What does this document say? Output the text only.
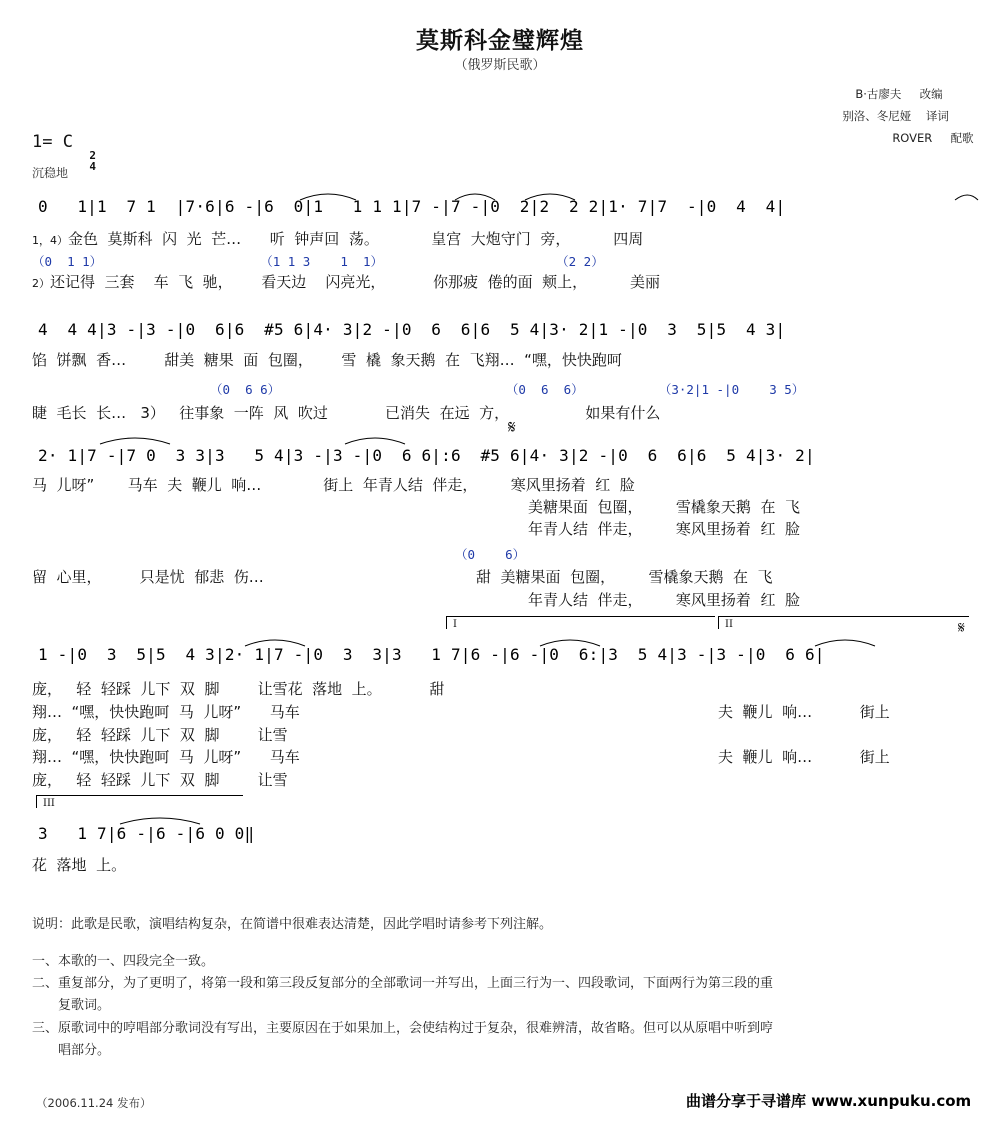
莫斯科金璧辉煌
（俄罗斯民歌）

B·古廖夫 改编

别洛、冬尼娅 译词

ROVER 配歌

1= C

2
4

沉稳地
0   1|1  7 1  |7·6|6 -|6  0|1   1 1 1|7 -|7 -|0  2|2  2 2|1· 7|7  -|0  4  4|
1，4）金色  莫斯科  闪  光  芒…      听  钟声回  荡。           皇宫  大炮守门  旁，         四周
（0  1 1）                     （1 1 3    1  1）                       （2 2）
2）还记得  三套    车  飞  驰，      看天边    闪亮光，          你那疲  倦的面  颊上，         美丽
4  4 4|3 -|3 -|0  6|6  #5 6|4· 3|2 -|0  6  6|6  5 4|3· 2|1 -|0  3  5|5  4 3|
馅  饼飘  香…        甜美  糖果  面  包圈，      雪  橇  象天鹅  在  飞翔…  “嘿，快快跑呵
（0  6 6）                              （0  6  6）          （3·2|1 -|0    3 5）
睫  毛长  长…   3）   往事象  一阵  风  吹过            已消失  在远  方，                如果有什么
𝄋
2· 1|7 -|7 0  3 3|3   5 4|3 -|3 -|0  6 6|:6  #5 6|4· 3|2 -|0  6  6|6  5 4|3· 2|
马  儿呀”       马车  夫  鞭儿  响…             街上  年青人结  伴走，       寒风里扬着  红  脸
美糖果面  包圈，       雪橇象天鹅  在  飞
年青人结  伴走，       寒风里扬着  红  脸
（0    6）
留  心里，        只是忧  郁悲  伤…	甜  美糖果面  包圈，       雪橇象天鹅  在  飞
年青人结  伴走，       寒风里扬着  红  脸
I	II	𝄋
1 -|0  3  5|5  4 3|2· 1|7 -|0  3  3|3   1 7|6 -|6 -|0  6:|3  5 4|3 -|3 -|0  6 6|
庞，   轻  轻踩  儿下  双  脚        让雪花  落地  上。          甜
翔…  “嘿，快快跑呵  马  儿呀”      马车	夫  鞭儿  响…          街上
庞，   轻  轻踩  儿下  双  脚        让雪
翔…  “嘿，快快跑呵  马  儿呀”      马车	夫  鞭儿  响…          街上
庞，   轻  轻踩  儿下  双  脚        让雪
III
3   1 7|6 -|6 -|6 0 0‖
花  落地  上。
说明：此歌是民歌，演唱结构复杂，在简谱中很难表达清楚，因此学唱时请参考下列注解。
一、本歌的一、四段完全一致。
二、重复部分，为了更明了，将第一段和第三段反复部分的全部歌词一并写出，上面三行为一、四段歌词，下面两行为第三段的重
复歌词。
三、原歌词中的哼唱部分歌词没有写出，主要原因在于如果加上，会使结构过于复杂，很难辨清，故省略。但可以从原唱中听到哼
唱部分。
（2006.11.24 发布）	曲谱分享于寻谱库 www.xunpuku.com
